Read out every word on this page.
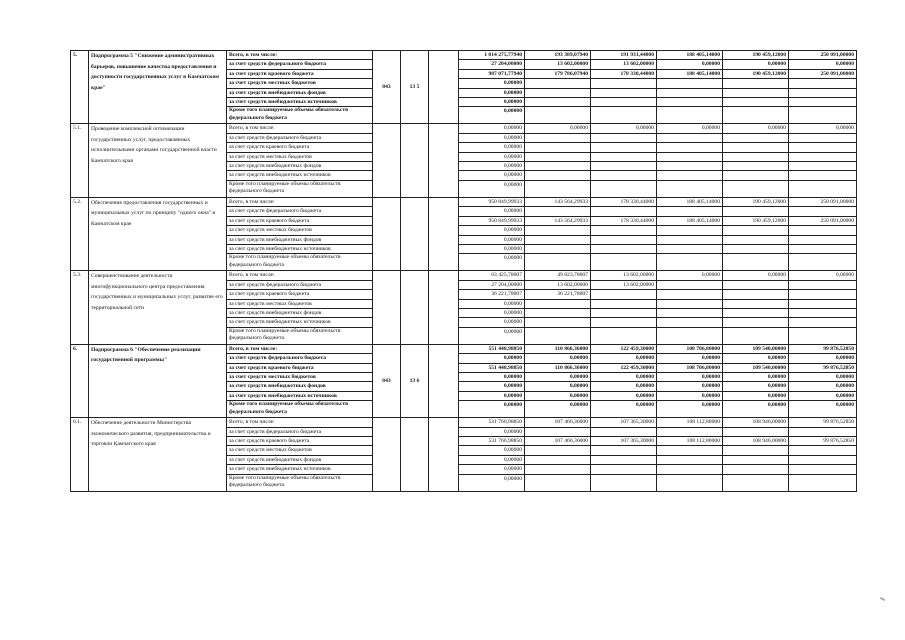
5.	Подпрограмма 5 "Снижение административных барьеров, повышение качества предоставления и доступности государственных услуг в Камчатском крае"	Всего, в том числе:	843	13 5		1 014 275,77940	193 389,07940	191 931,44000	188 405,14000	190 459,12000	250 091,00000
		за счет средств федерального бюджета				27 204,00000	13 602,00000	13 602,00000	0,00000	0,00000	0,00000
		за счет средств краевого бюджета				987 071,77940	179 786,07940	178 330,44000	188 405,14000	190 459,12000	250 091,00000
		за счет средств местных бюджетов				0,00000					
		за счет средств внебюджетных фондов				0,00000					
		за счет средств внебюджетных источников				0,00000					
		Кроме того планируемые объемы обязательств федерального бюджета				0,00000					
5.1.	Проведение комплексной оптимизации государственных услуг, предоставляемых исполнительными органами государственной власти Камчатского края	Всего, в том числе:				0,00000	0,00000	0,00000	0,00000	0,00000	0,00000
		за счет средств федерального бюджета				0,00000					
		за счет средств краевого бюджета				0,00000					
		за счет средств местных бюджетов				0,00000					
		за счет средств внебюджетных фондов				0,00000					
		за счет средств внебюджетных источников				0,00000					
		Кроме того планируемые объемы обязательств федерального бюджета				0,00000					
5.2.	Обеспечение предоставления государственных и муниципальных услуг по принципу "одного окна" в Камчатском крае	Всего, в том числе:				950 849,99933	143 564,29933	178 330,44000	188 405,14000	190 459,12000	250 091,00000
		за счет средств федерального бюджета				0,00000					
		за счет средств краевого бюджета				950 849,99933	143 564,29933	178 330,44000	188 405,14000	190 459,12000	250 091,00000
		за счет средств местных бюджетов				0,00000					
		за счет средств внебюджетных фондов				0,00000					
		за счет средств внебюджетных источников				0,00000					
		Кроме того планируемые объемы обязательств федерального бюджета				0,00000					
5.3.	Совершенствование деятельности многофункционального центра предоставления государственных и муниципальных услуг, развитие его территориальной сети	Всего, в том числе:				63 425,78007	49 823,78007	13 602,00000	0,00000	0,00000	0,00000
		за счет средств федерального бюджета				27 204,00000	13 602,00000	13 602,00000			
		за счет средств краевого бюджета				36 221,78007	36 221,78007				
		за счет средств местных бюджетов				0,00000					
		за счет средств внебюджетных фондов				0,00000					
		за счет средств внебюджетных источников				0,00000					
		Кроме того планируемые объемы обязательств федерального бюджета				0,00000					
6.	Подпрограмма 6 "Обеспечение реализации государственной программы"	Всего, в том числе:	843	13 6		551 448,98850	110 866,36000	122 459,30000	108 706,80000	109 540,00000	99 876,52850
		за счет средств федерального бюджета				0,00000	0,00000	0,00000	0,00000	0,00000	0,00000
		за счет средств краевого бюджета				551 448,98850	110 866,36000	122 459,30000	108 706,80000	109 540,00000	99 876,52850
		за счет средств местных бюджетов				0,00000	0,00000	0,00000	0,00000	0,00000	0,00000
		за счет средств внебюджетных фондов				0,00000	0,00000	0,00000	0,00000	0,00000	0,00000
		за счет средств внебюджетных источников				0,00000	0,00000	0,00000	0,00000	0,00000	0,00000
		Кроме того планируемые объемы обязательств федерального бюджета				0,00000	0,00000	0,00000	0,00000	0,00000	0,00000
6.1.	Обеспечение деятельности Министерства экономического развития, предпринимательства и торговли Камчатского края	Всего, в том числе:				531 766,98850	107 466,36000	107 365,30000	108 112,80000	108 946,00000	99 876,52850
		за счет средств федерального бюджета				0,00000					
		за счет средств краевого бюджета				531 766,98850	107 466,36000	107 365,30000	108 112,80000	108 946,00000	99 876,52850
		за счет средств местных бюджетов				0,00000					
		за счет средств внебюджетных фондов				0,00000					
		за счет средств внебюджетных источников				0,00000					
		Кроме того планируемые объемы обязательств федерального бюджета				0,00000					
